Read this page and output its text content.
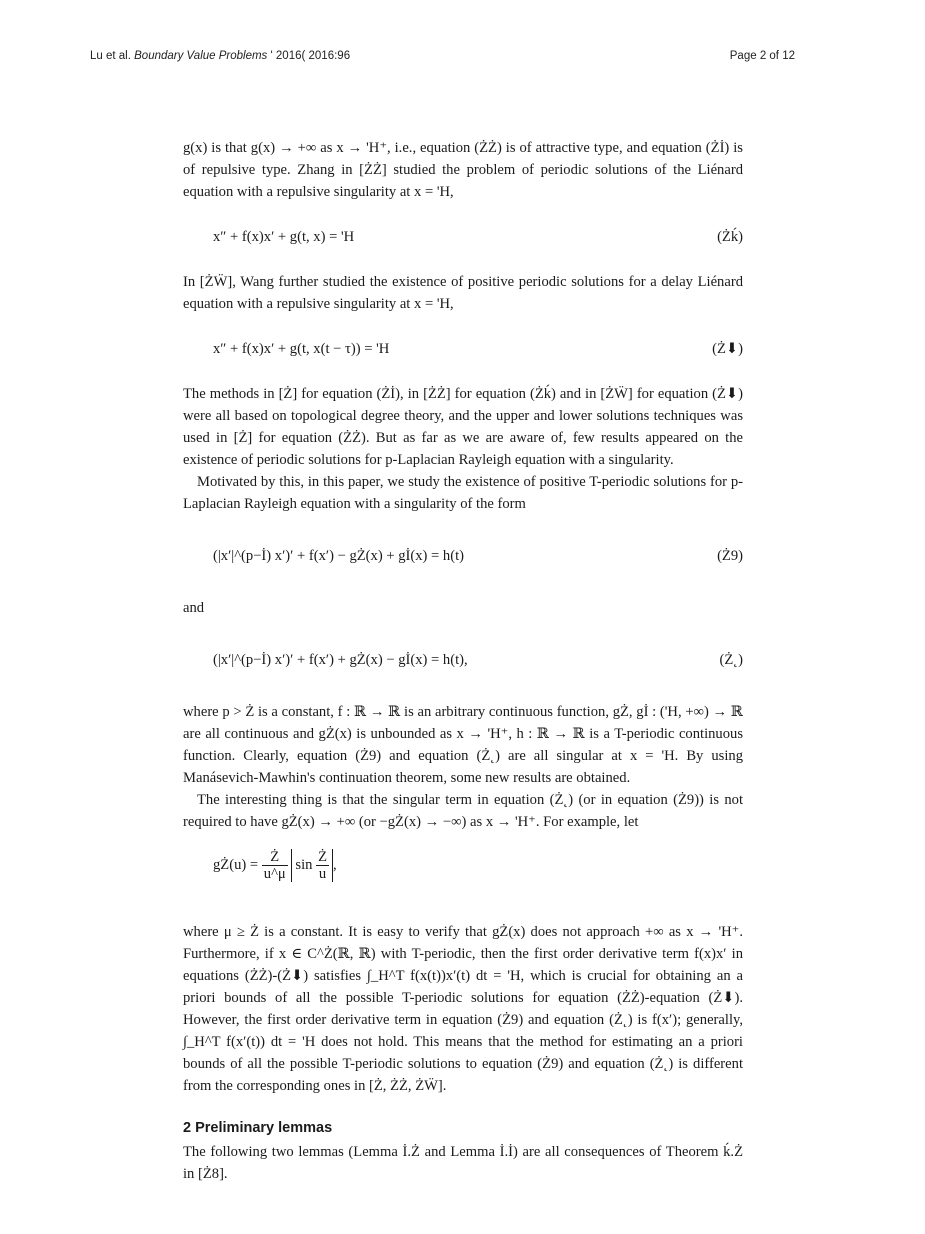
Lu et al. Boundary Value Problems ' 2016( 2016:96	Page 2 of 12

g(x) is that g(x) → +∞ as x → 'H⁺, i.e., equation (ŻŻ) is of attractive type, and equation (Żİ) is of repulsive type. Zhang in [ŻŻ] studied the problem of periodic solutions of the Liénard equation with a repulsive singularity at x = 'H,

x″ + f(x)x′ + g(t, x) = 'H	(Żḱ)

In [ŻẄ], Wang further studied the existence of positive periodic solutions for a delay Liénard equation with a repulsive singularity at x = 'H,

x″ + f(x)x′ + g(t, x(t − τ)) = 'H	(Ż⬇)

The methods in [Ż] for equation (Żİ), in [ŻŻ] for equation (Żḱ) and in [ŻẄ] for equation (Ż⬇) were all based on topological degree theory, and the upper and lower solutions techniques was used in [Ż] for equation (ŻŻ). But as far as we are aware of, few results appeared on the existence of periodic solutions for p-Laplacian Rayleigh equation with a singularity.

Motivated by this, in this paper, we study the existence of positive T-periodic solutions for p-Laplacian Rayleigh equation with a singularity of the form

(|x′|^(p−İ) x′)′ + f(x′) − gŻ(x) + gİ(x) = h(t)	(Ż9)

and

(|x′|^(p−İ) x′)′ + f(x′) + gŻ(x) − gİ(x) = h(t),	(Ż˛)

where p > Ż is a constant, f : ℝ → ℝ is an arbitrary continuous function, gŻ, gİ : ('H, +∞) → ℝ are all continuous and gŻ(x) is unbounded as x → 'H⁺, h : ℝ → ℝ is a T-periodic continuous function. Clearly, equation (Ż9) and equation (Ż˛) are all singular at x = 'H. By using Manásevich-Mawhin's continuation theorem, some new results are obtained.

The interesting thing is that the singular term in equation (Ż˛) (or in equation (Ż9)) is not required to have gŻ(x) → +∞ (or −gŻ(x) → −∞) as x → 'H⁺. For example, let

gŻ(u) = $\frac{Ż}{u\^{}\mu}$ $\sin \frac{Ż}{u}$ ,

where μ ≥ Ż is a constant. It is easy to verify that gŻ(x) does not approach +∞ as x → 'H⁺. Furthermore, if x ∈ C^Ż(ℝ, ℝ) with T-periodic, then the first order derivative term f(x)x′ in equations (ŻŻ)-(Ż⬇) satisfies ∫_H^T f(x(t))x′(t) dt = 'H, which is crucial for obtaining an a priori bounds of all the possible T-periodic solutions for equation (ŻŻ)-equation (Ż⬇). However, the first order derivative term in equation (Ż9) and equation (Ż˛) is f(x′); generally, ∫_H^T f(x′(t)) dt = 'H does not hold. This means that the method for estimating an a priori bounds of all the possible T-periodic solutions to equation (Ż9) and equation (Ż˛) is different from the corresponding ones in [Ż, ŻŻ, ŻẄ].

2 Preliminary lemmas

The following two lemmas (Lemma İ.Ż and Lemma İ.İ) are all consequences of Theorem ḱ.Ż in [Ż8].
